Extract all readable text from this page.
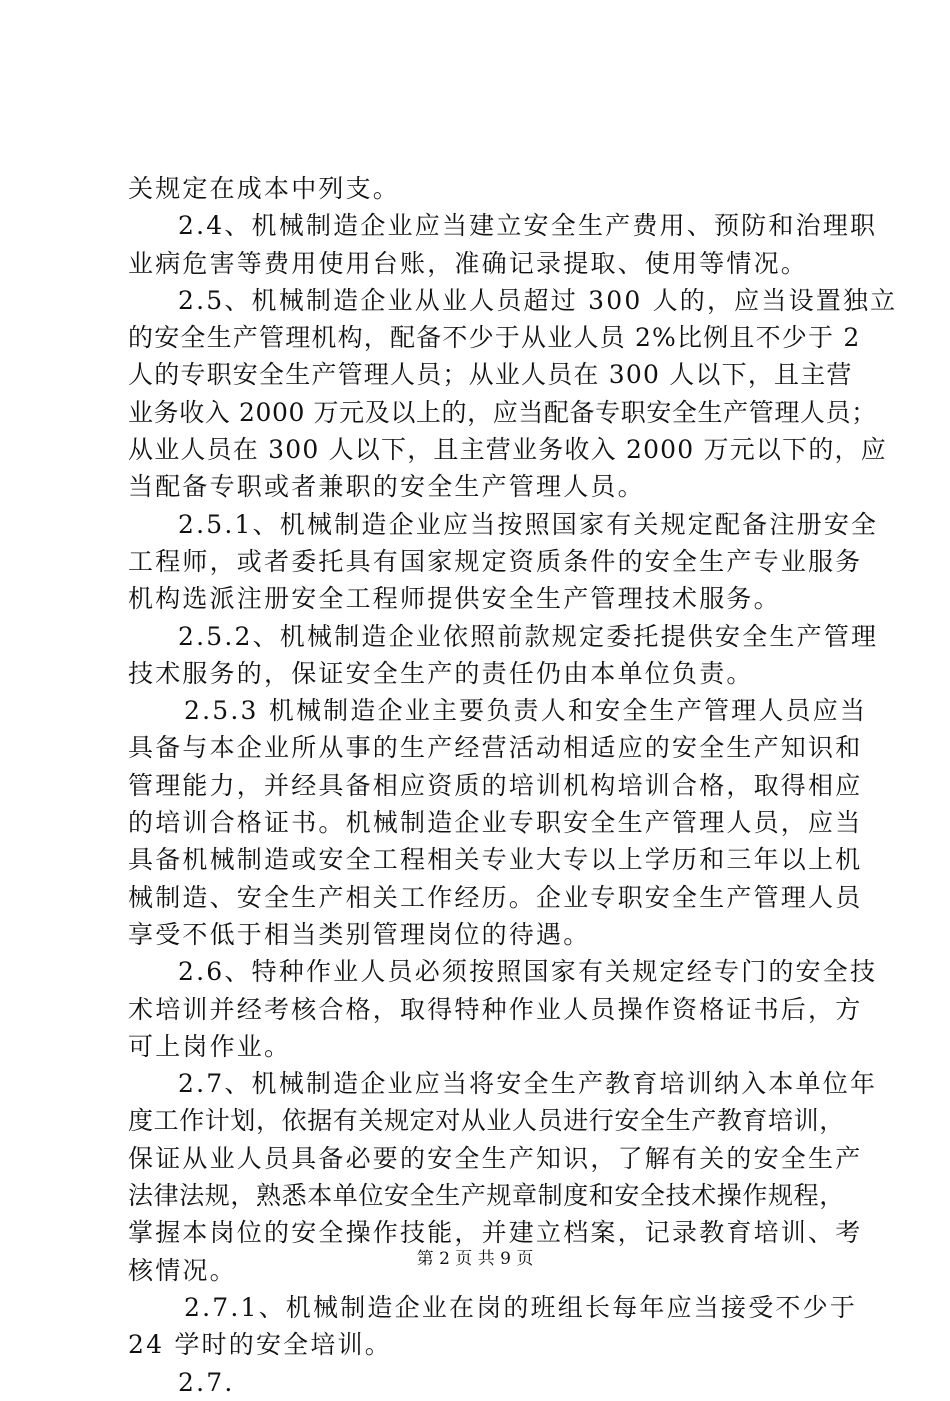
关规定在成本中列支。
2.4、机械制造企业应当建立安全生产费用、预防和治理职
业病危害等费用使用台账，准确记录提取、使用等情况。
2.5、机械制造企业从业人员超过 300 人的，应当设置独立
的安全生产管理机构，配备不少于从业人员 2%比例且不少于 2
人的专职安全生产管理人员；从业人员在 300 人以下，且主营
业务收入 2000 万元及以上的，应当配备专职安全生产管理人员；
从业人员在 300 人以下，且主营业务收入 2000 万元以下的，应
当配备专职或者兼职的安全生产管理人员。
2.5.1、机械制造企业应当按照国家有关规定配备注册安全
工程师，或者委托具有国家规定资质条件的安全生产专业服务
机构选派注册安全工程师提供安全生产管理技术服务。
2.5.2、机械制造企业依照前款规定委托提供安全生产管理
技术服务的，保证安全生产的责任仍由本单位负责。
2.5.3 机械制造企业主要负责人和安全生产管理人员应当
具备与本企业所从事的生产经营活动相适应的安全生产知识和
管理能力，并经具备相应资质的培训机构培训合格，取得相应
的培训合格证书。机械制造企业专职安全生产管理人员，应当
具备机械制造或安全工程相关专业大专以上学历和三年以上机
械制造、安全生产相关工作经历。企业专职安全生产管理人员
享受不低于相当类别管理岗位的待遇。
2.6、特种作业人员必须按照国家有关规定经专门的安全技
术培训并经考核合格，取得特种作业人员操作资格证书后，方
可上岗作业。
2.7、机械制造企业应当将安全生产教育培训纳入本单位年
度工作计划，依据有关规定对从业人员进行安全生产教育培训，
保证从业人员具备必要的安全生产知识，了解有关的安全生产
法律法规，熟悉本单位安全生产规章制度和安全技术操作规程，
掌握本岗位的安全操作技能，并建立档案，记录教育培训、考
核情况。
2.7.1、机械制造企业在岗的班组长每年应当接受不少于
24 学时的安全培训。
2.7.
第 2 页 共 9 页
